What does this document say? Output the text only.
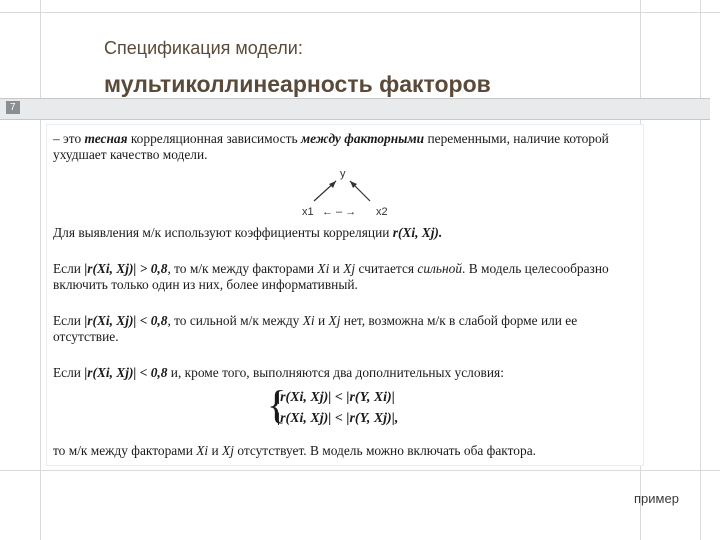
Спецификация модели:
мультиколлинеарность факторов
7
– это тесная корреляционная зависимость между факторными переменными, наличие которой ухудшает качество модели.
y
x1 ← – → x2
Для выявления м/к используют коэффициенты корреляции r(Xi, Xj).
Если |r(Xi, Xj)| > 0,8, то м/к между факторами Xi и Xj считается сильной. В модель целесообразно включить только один из них, более информативный.
Если |r(Xi, Xj)| < 0,8, то сильной м/к между Xi и Xj нет, возможна м/к в слабой форме или ее отсутствие.
Если |r(Xi, Xj)| < 0,8 и, кроме того, выполняются два дополнительных условия:
{
|r(Xi, Xj)| < |r(Y, Xi)|
|r(Xi, Xj)| < |r(Y, Xj)|,
то м/к между факторами Xi и Xj отсутствует. В модель можно включать оба фактора.
пример
